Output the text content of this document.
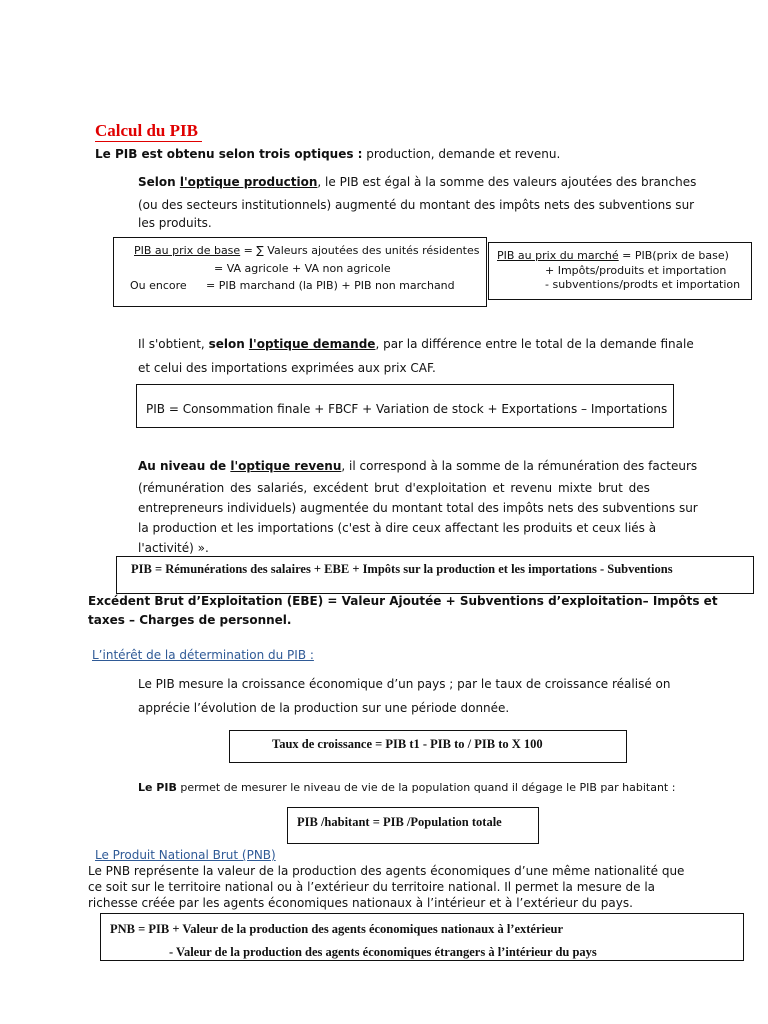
Calcul du PIB
Le PIB est obtenu selon trois optiques : production, demande et revenu.
Selon l'optique production, le PIB est égal à la somme des valeurs ajoutées des branches
(ou des secteurs institutionnels) augmenté du montant des impôts nets des subventions sur
les produits.
PIB au prix de base = ∑ Valeurs ajoutées des unités résidentes
= VA agricole + VA non agricole
Ou encore = PIB marchand (la PIB) + PIB non marchand
PIB au prix du marché = PIB(prix de base)
+ Impôts/produits et importation
- subventions/prodts et importation
Il s'obtient, selon l'optique demande, par la différence entre le total de la demande finale
et celui des importations exprimées aux prix CAF.
PIB = Consommation finale + FBCF + Variation de stock + Exportations – Importations
Au niveau de l'optique revenu, il correspond à la somme de la rémunération des facteurs
(rémunération des salariés, excédent brut d'exploitation et revenu mixte brut des
entrepreneurs individuels) augmentée du montant total des impôts nets des subventions sur
la production et les importations (c'est à dire ceux affectant les produits et ceux liés à
l'activité) ».
PIB = Rémunérations des salaires + EBE + Impôts sur la production et les importations - Subventions
Excédent Brut d’Exploitation (EBE) = Valeur Ajoutée + Subventions d’exploitation– Impôts et
taxes – Charges de personnel.
L’intérêt de la détermination du PIB :
Le PIB mesure la croissance économique d’un pays ; par le taux de croissance réalisé on
apprécie l’évolution de la production sur une période donnée.
Taux de croissance = PIB t1 - PIB to / PIB to X 100
Le PIB permet de mesurer le niveau de vie de la population quand il dégage le PIB par habitant :
PIB /habitant = PIB /Population totale
Le Produit National Brut (PNB)
Le PNB représente la valeur de la production des agents économiques d’une même nationalité que
ce soit sur le territoire national ou à l’extérieur du territoire national. Il permet la mesure de la
richesse créée par les agents économiques nationaux à l’intérieur et à l’extérieur du pays.
PNB = PIB + Valeur de la production des agents économiques nationaux à l’extérieur
- Valeur de la production des agents économiques étrangers à l’intérieur du pays
